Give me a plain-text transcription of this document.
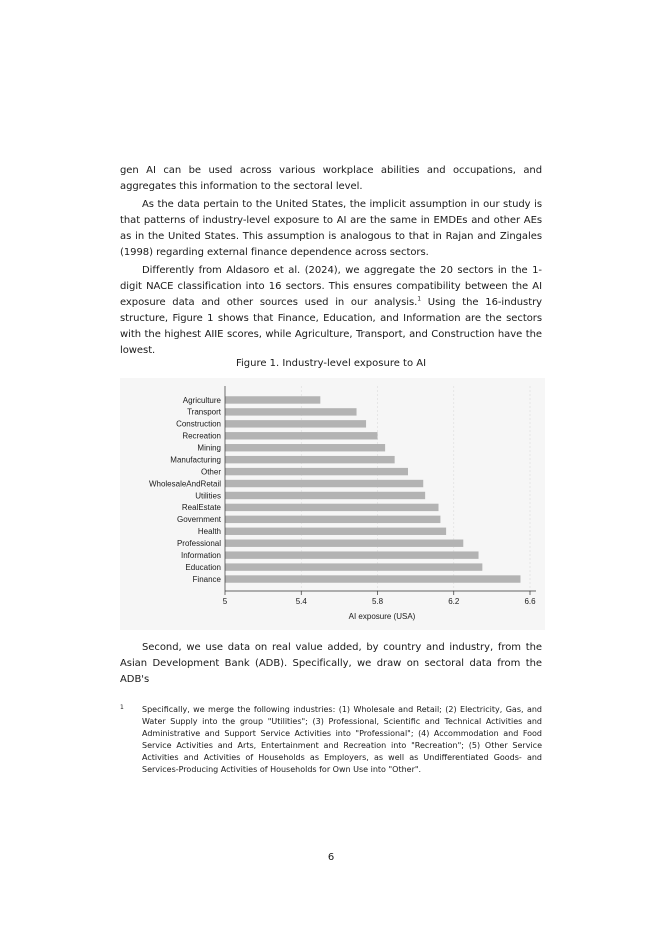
gen AI can be used across various workplace abilities and occupations, and aggregates this information to the sectoral level.

As the data pertain to the United States, the implicit assumption in our study is that patterns of industry-level exposure to AI are the same in EMDEs and other AEs as in the United States. This assumption is analogous to that in Rajan and Zingales (1998) regarding external finance dependence across sectors.

Differently from Aldasoro et al. (2024), we aggregate the 20 sectors in the 1-digit NACE classification into 16 sectors. This ensures compatibility between the AI exposure data and other sources used in our analysis.$^1$ Using the 16-industry structure, Figure 1 shows that Finance, Education, and Information are the sectors with the highest AIIE scores, while Agriculture, Transport, and Construction have the lowest.

Figure 1. Industry-level exposure to AI
Agriculture
Transport
Construction
Recreation
Mining
Manufacturing
Other
WholesaleAndRetail
Utilities
RealEstate
Government
Health
Professional
Information
Education
Finance
5	5.4	5.8	6.2	6.6
AI exposure (USA)

Second, we use data on real value added, by country and industry, from the Asian Development Bank (ADB). Specifically, we draw on sectoral data from the ADB's

1 Specifically, we merge the following industries: (1) Wholesale and Retail; (2) Electricity, Gas, and Water Supply into the group "Utilities"; (3) Professional, Scientific and Technical Activities and Administrative and Support Service Activities into "Professional"; (4) Accommodation and Food Service Activities and Arts, Entertainment and Recreation into "Recreation"; (5) Other Service Activities and Activities of Households as Employers, as well as Undifferentiated Goods- and Services-Producing Activities of Households for Own Use into "Other".

6
